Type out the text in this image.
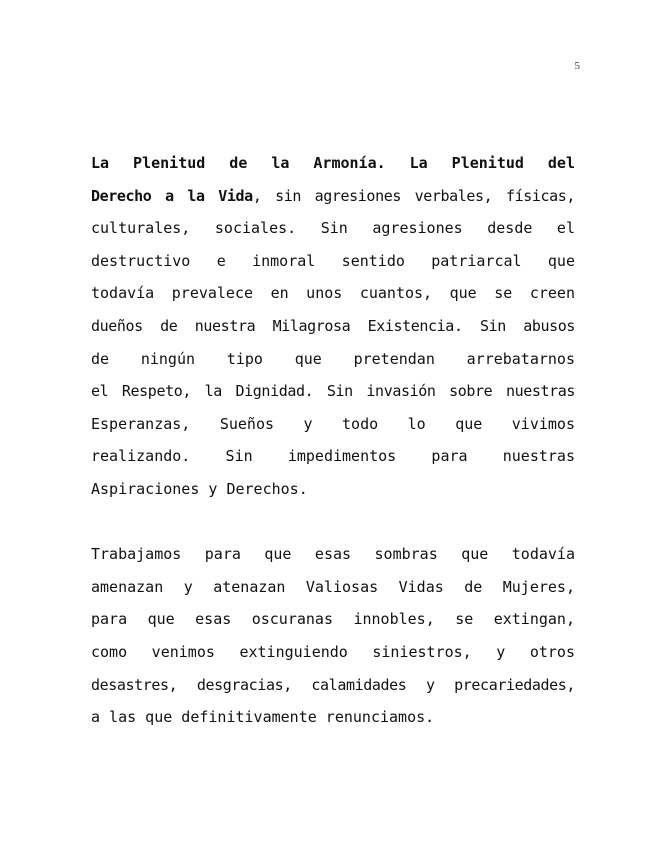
5
La Plenitud de la Armonía. La Plenitud del
Derecho a la Vida, sin agresiones verbales, físicas,
culturales, sociales. Sin agresiones desde el
destructivo e inmoral sentido patriarcal que
todavía prevalece en unos cuantos, que se creen
dueños de nuestra Milagrosa Existencia. Sin abusos
de ningún tipo que pretendan arrebatarnos
el Respeto, la Dignidad. Sin invasión sobre nuestras
Esperanzas, Sueños y todo lo que vivimos
realizando. Sin impedimentos para nuestras
Aspiraciones y Derechos.
Trabajamos para que esas sombras que todavía
amenazan y atenazan Valiosas Vidas de Mujeres,
para que esas oscuranas innobles, se extingan,
como venimos extinguiendo siniestros, y otros
desastres, desgracias, calamidades y precariedades,
a las que definitivamente renunciamos.
